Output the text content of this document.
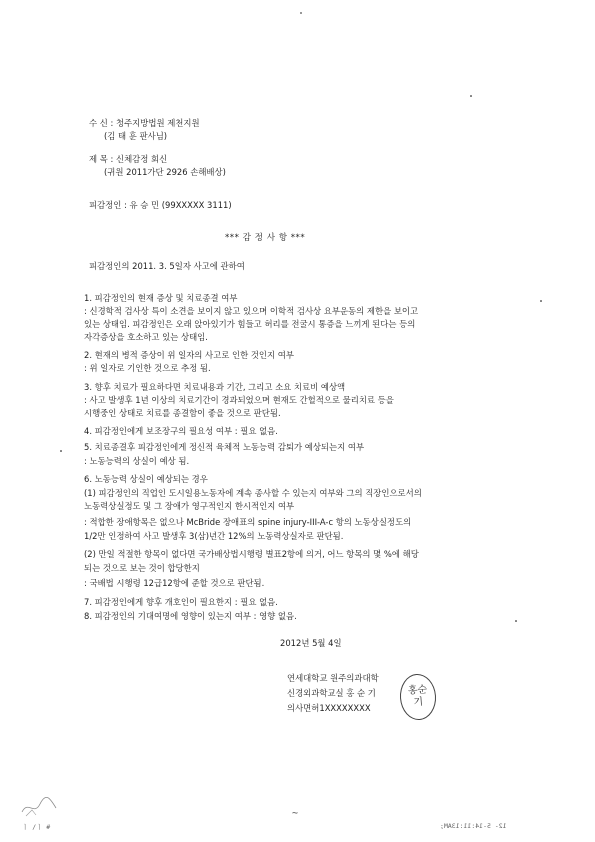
수 신 : 청주지방법원 제천지원
(김 태 훈 판사님)
제 목 : 신체감정 회신
(귀원 2011가단 2926 손해배상)
피감정인 : 유 승 민 (99XXXXX 3111)
*** 감 정 사 항 ***
피감정인의 2011. 3. 5일자 사고에 관하여
1. 피감정인의 현재 증상 및 치료종결 여부
: 신경학적 검사상 특이 소견을 보이지 않고 있으며 이학적 검사상 요부운동의 제한을 보이고
있는 상태임. 피감정인은 오래 앉아있기가 힘들고 허리를 전굴시 통증을 느끼게 된다는 등의
자각증상을 호소하고 있는 상태임.
2. 현재의 병적 증상이 위 일자의 사고로 인한 것인지 여부
: 위 일자로 기인한 것으로 추정 됨.
3. 향후 치료가 필요하다면 치료내용과 기간, 그리고 소요 치료비 예상액
: 사고 발생후 1년 이상의 치료기간이 경과되었으며 현재도 간헐적으로 물리치료 등을
시행중인 상태로 치료를 종결함이 좋을 것으로 판단됨.
4. 피감정인에게 보조장구의 필요성 여부 : 필요 없음.
5. 치료종결후 피감정인에게 정신적 육체적 노동능력 감퇴가 예상되는지 여부
: 노동능력의 상실이 예상 됨.
6. 노동능력 상실이 예상되는 경우
(1) 피감정인의 직업인 도시일용노동자에 계속 종사할 수 있는지 여부와 그의 직장인으로서의
노동력상실정도 및 그 장애가 영구적인지 한시적인지 여부
: 적합한 장애항목은 없으나 McBride 장애표의 spine injury-III-A-c 항의 노동상실정도의
1/2만 인정하여 사고 발생후 3(삼)년간 12%의 노동력상실자로 판단됨.
(2) 만일 적절한 항목이 없다면 국가배상법시행령 별표2항에 의거, 어느 항목의 몇 %에 해당
되는 것으로 보는 것이 합당한지
: 국배법 시행령 12급12항에 준할 것으로 판단됨.
7. 피감정인에게 향후 개호인이 필요한지 : 필요 없음.
8. 피감정인의 기대여명에 영향이 있는지 여부 : 영향 없음.
2012년 5월 4일
연세대학교 원주의과대학
신경외과학교실 홍 순 기
의사면허1XXXXXXXX
홍순
기
~
ㅣ /ㅣ #	12- 5-14:11:13AM;
